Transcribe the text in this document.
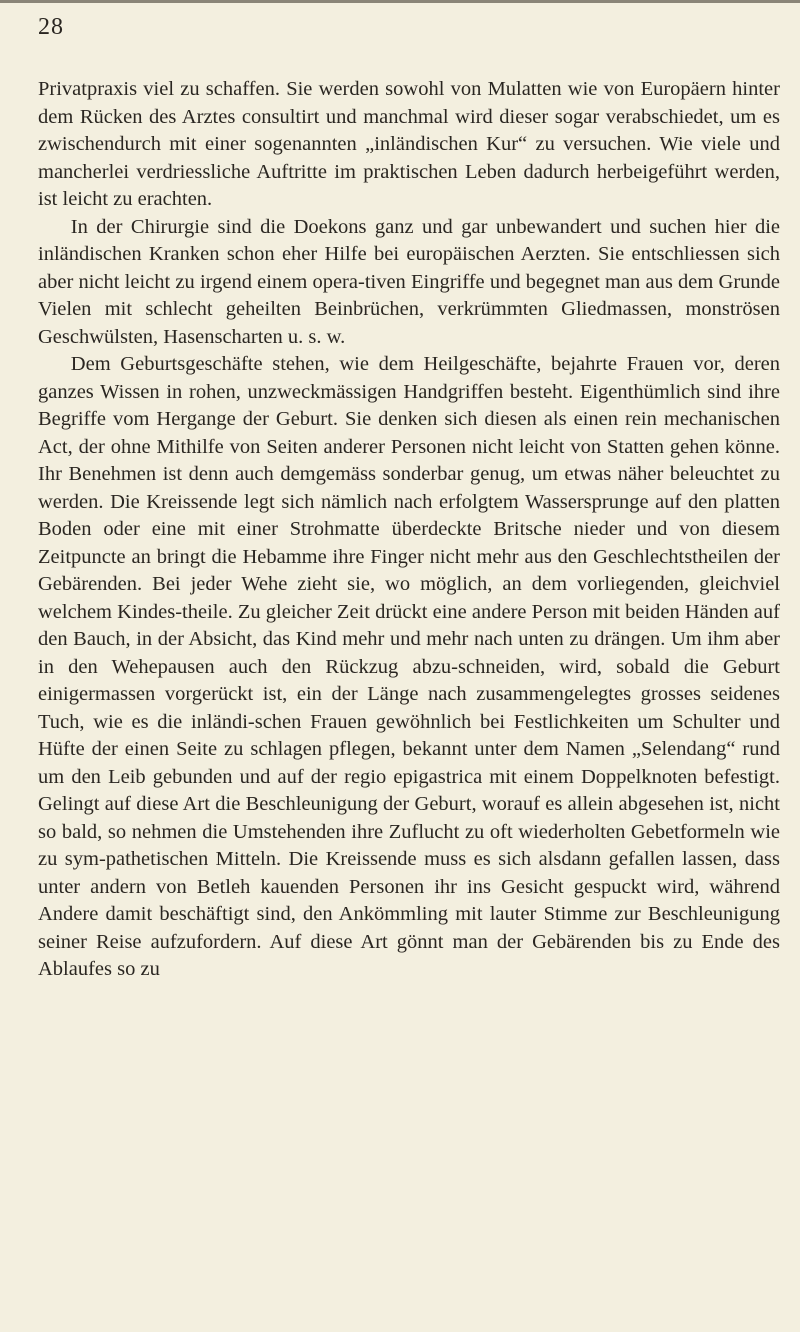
28

Privatpraxis viel zu schaffen. Sie werden sowohl von Mulatten wie von Europäern hinter dem Rücken des Arztes consultirt und manchmal wird dieser sogar verabschiedet, um es zwischendurch mit einer sogenannten „inländischen Kur“ zu versuchen. Wie viele und mancherlei verdriessliche Auftritte im praktischen Leben dadurch herbeigeführt werden, ist leicht zu erachten.

In der Chirurgie sind die Doekons ganz und gar unbewandert und suchen hier die inländischen Kranken schon eher Hilfe bei europäischen Aerzten. Sie entschliessen sich aber nicht leicht zu irgend einem opera-tiven Eingriffe und begegnet man aus dem Grunde Vielen mit schlecht geheilten Beinbrüchen, verkrümmten Gliedmassen, monströsen Geschwülsten, Hasenscharten u. s. w.

Dem Geburtsgeschäfte stehen, wie dem Heilgeschäfte, bejahrte Frauen vor, deren ganzes Wissen in rohen, unzweckmässigen Handgriffen besteht. Eigenthümlich sind ihre Begriffe vom Hergange der Geburt. Sie denken sich diesen als einen rein mechanischen Act, der ohne Mithilfe von Seiten anderer Personen nicht leicht von Statten gehen könne. Ihr Benehmen ist denn auch demgemäss sonderbar genug, um etwas näher beleuchtet zu werden. Die Kreissende legt sich nämlich nach erfolgtem Wassersprunge auf den platten Boden oder eine mit einer Strohmatte überdeckte Britsche nieder und von diesem Zeitpuncte an bringt die Hebamme ihre Finger nicht mehr aus den Geschlechtstheilen der Gebärenden. Bei jeder Wehe zieht sie, wo möglich, an dem vorliegenden, gleichviel welchem Kindes-theile. Zu gleicher Zeit drückt eine andere Person mit beiden Händen auf den Bauch, in der Absicht, das Kind mehr und mehr nach unten zu drängen. Um ihm aber in den Wehepausen auch den Rückzug abzu-schneiden, wird, sobald die Geburt einigermassen vorgerückt ist, ein der Länge nach zusammengelegtes grosses seidenes Tuch, wie es die inländi-schen Frauen gewöhnlich bei Festlichkeiten um Schulter und Hüfte der einen Seite zu schlagen pflegen, bekannt unter dem Namen „Selendang“ rund um den Leib gebunden und auf der regio epigastrica mit einem Doppelknoten befestigt. Gelingt auf diese Art die Beschleunigung der Geburt, worauf es allein abgesehen ist, nicht so bald, so nehmen die Umstehenden ihre Zuflucht zu oft wiederholten Gebetformeln wie zu sym-pathetischen Mitteln. Die Kreissende muss es sich alsdann gefallen lassen, dass unter andern von Betleh kauenden Personen ihr ins Gesicht gespuckt wird, während Andere damit beschäftigt sind, den Ankömmling mit lauter Stimme zur Beschleunigung seiner Reise aufzufordern. Auf diese Art gönnt man der Gebärenden bis zu Ende des Ablaufes so zu
